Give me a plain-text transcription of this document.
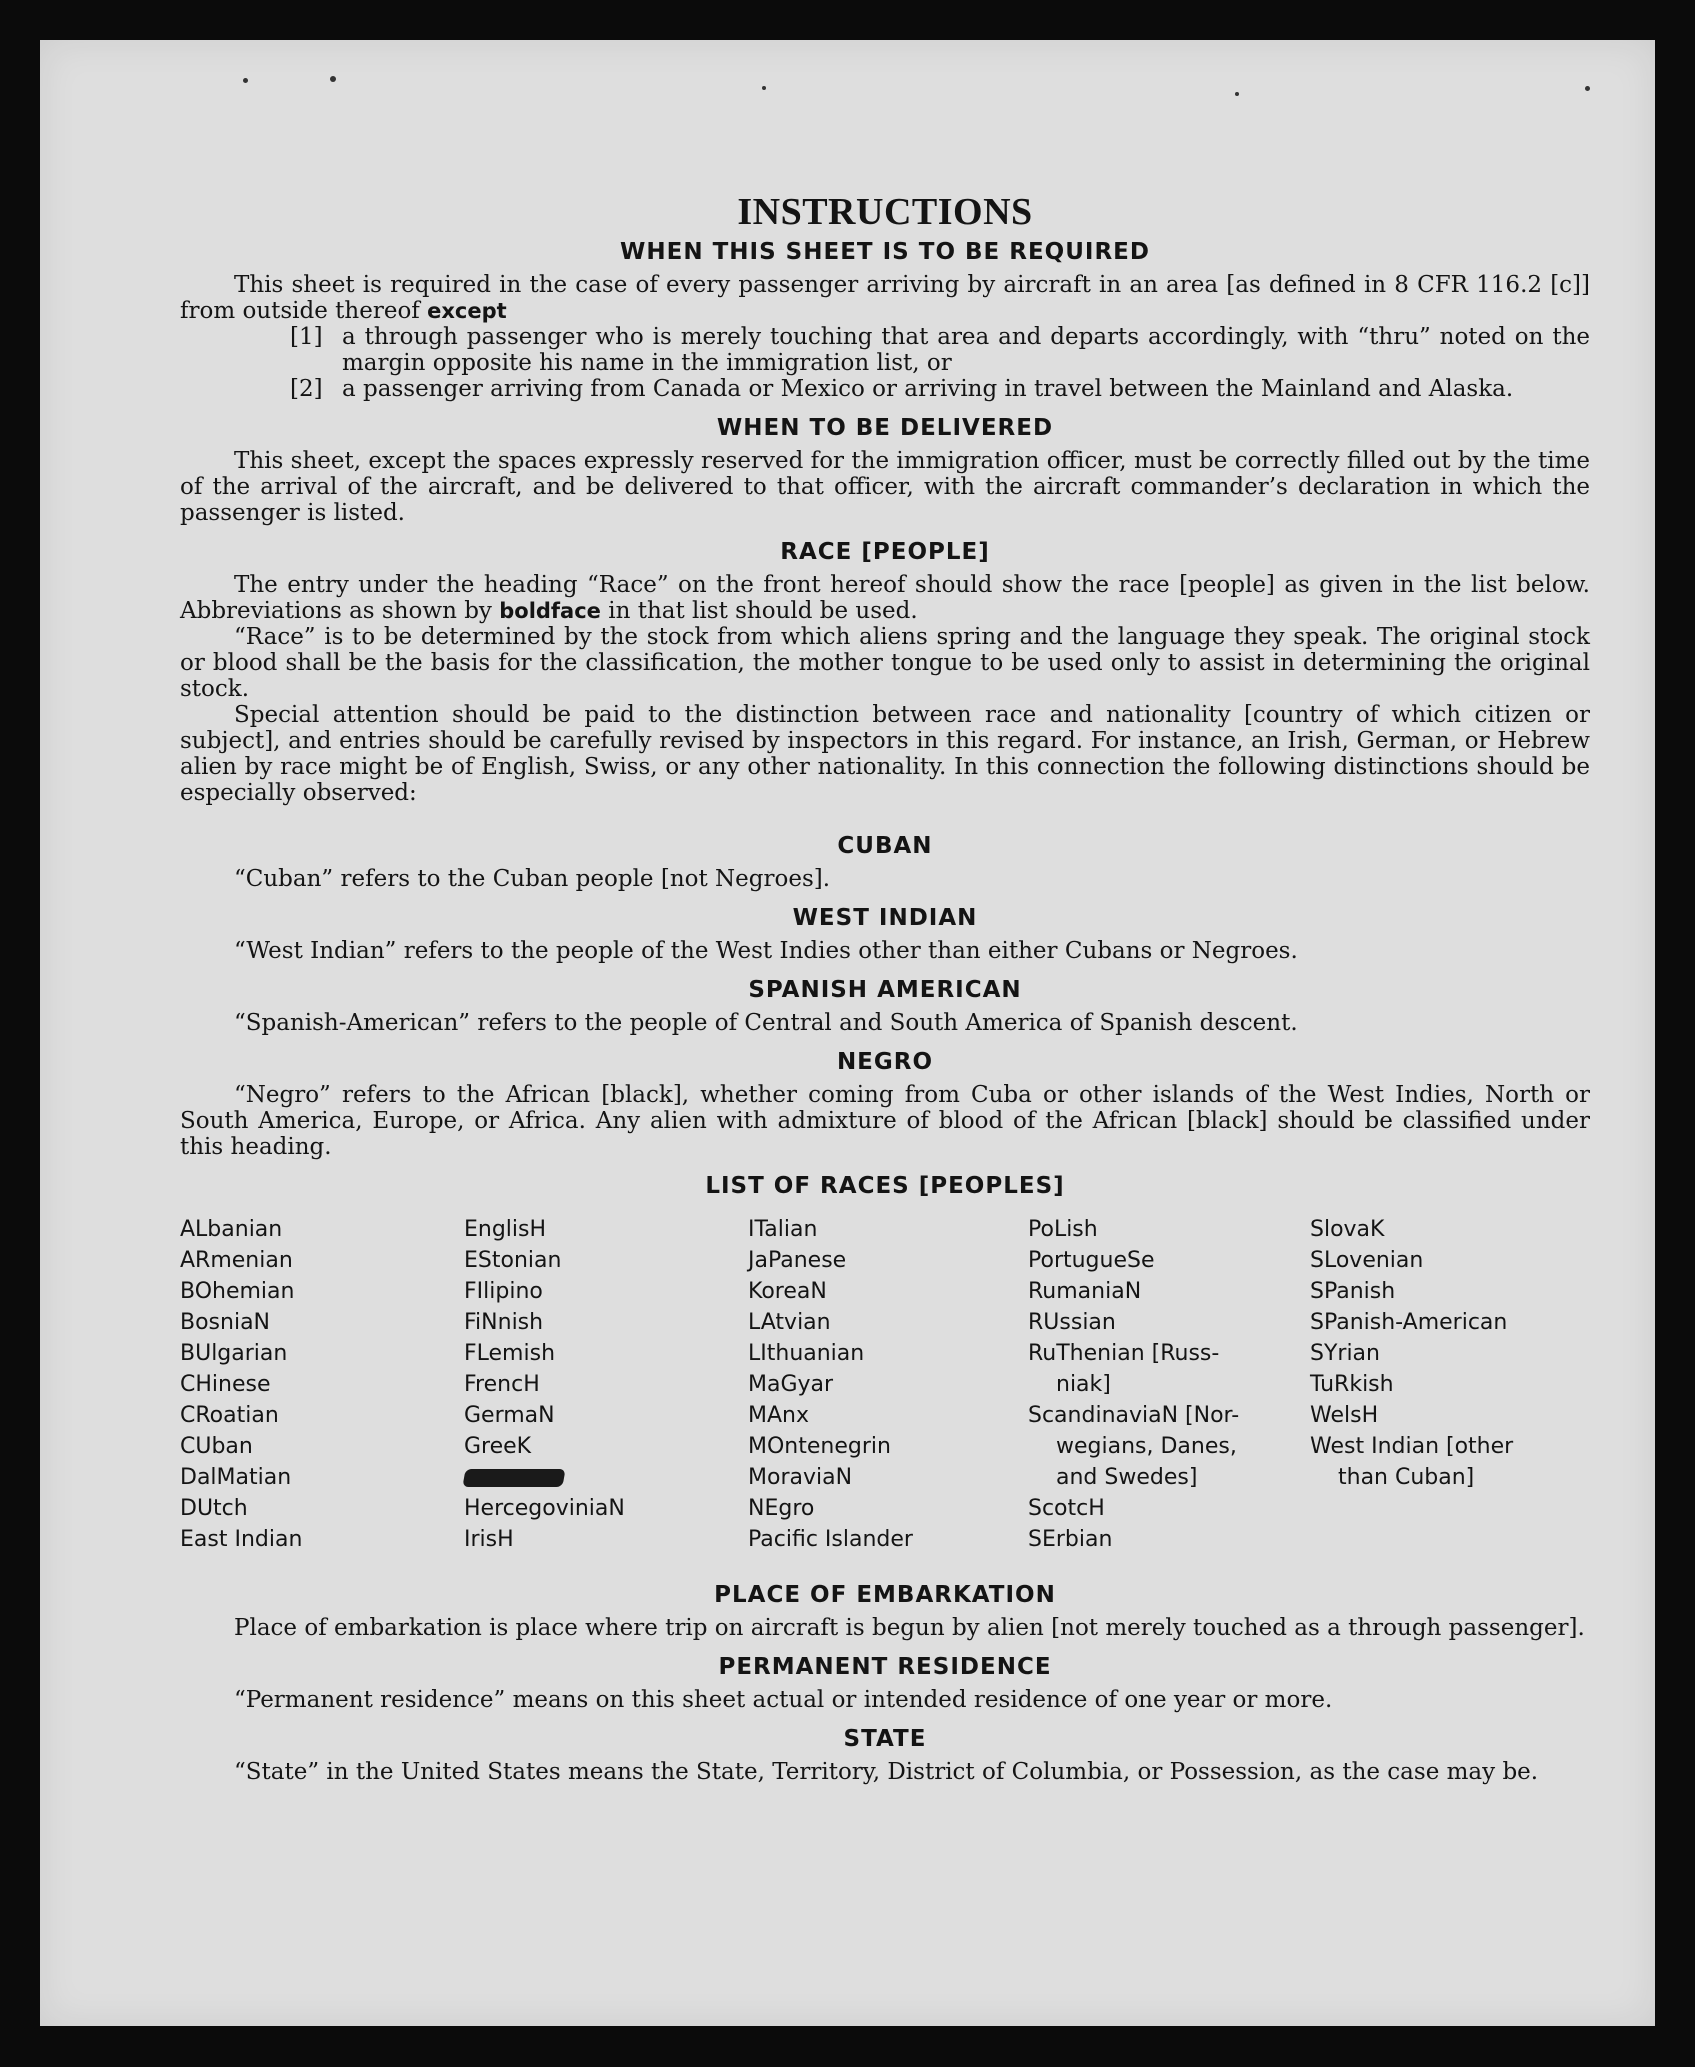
INSTRUCTIONS
WHEN THIS SHEET IS TO BE REQUIRED

This sheet is required in the case of every passenger arriving by aircraft in an area [as defined in 8 CFR 116.2 [c]] from outside thereof except

[1] a through passenger who is merely touching that area and departs accordingly, with “thru” noted on the margin opposite his name in the immigration list, or
[2] a passenger arriving from Canada or Mexico or arriving in travel between the Mainland and Alaska.
WHEN TO BE DELIVERED

This sheet, except the spaces expressly reserved for the immigration officer, must be correctly filled out by the time of the arrival of the aircraft, and be delivered to that officer, with the aircraft commander’s declaration in which the passenger is listed.

RACE [PEOPLE]

The entry under the heading “Race” on the front hereof should show the race [people] as given in the list below. Abbreviations as shown by boldface in that list should be used.

“Race” is to be determined by the stock from which aliens spring and the language they speak. The original stock or blood shall be the basis for the classification, the mother tongue to be used only to assist in determining the original stock.

Special attention should be paid to the distinction between race and nationality [country of which citizen or subject], and entries should be carefully revised by inspectors in this regard. For instance, an Irish, German, or Hebrew alien by race might be of English, Swiss, or any other nationality. In this connection the following distinctions should be especially observed:

CUBAN

“Cuban” refers to the Cuban people [not Negroes].

WEST INDIAN

“West Indian” refers to the people of the West Indies other than either Cubans or Negroes.

SPANISH AMERICAN

“Spanish-American” refers to the people of Central and South America of Spanish descent.

NEGRO

“Negro” refers to the African [black], whether coming from Cuba or other islands of the West Indies, North or South America, Europe, or Africa. Any alien with admixture of blood of the African [black] should be classified under this heading.

LIST OF RACES [PEOPLES]
ALbanian
ARmenian
BOhemian
BosniaN
BUlgarian
CHinese
CRoatian
CUban
DalMatian
DUtch
East Indian
EnglisH
EStonian
FIlipino
FiNnish
FLemish
FrencH
GermaN
GreeK
HercegoviniaN
IrisH
ITalian
JaPanese
KoreaN
LAtvian
LIthuanian
MaGyar
MAnx
MOntenegrin
MoraviaN
NEgro
Pacific Islander
PoLish
PortugueSe
RumaniaN
RUssian
RuThenian [Russ-
niak]
ScandinaviaN [Nor-
wegians, Danes,
and Swedes]
ScotcH
SErbian
SlovaK
SLovenian
SPanish
SPanish-American
SYrian
TuRkish
WelsH
West Indian [other
than Cuban]
PLACE OF EMBARKATION

Place of embarkation is place where trip on aircraft is begun by alien [not merely touched as a through passenger].

PERMANENT RESIDENCE

“Permanent residence” means on this sheet actual or intended residence of one year or more.

STATE

“State” in the United States means the State, Territory, District of Columbia, or Possession, as the case may be.
